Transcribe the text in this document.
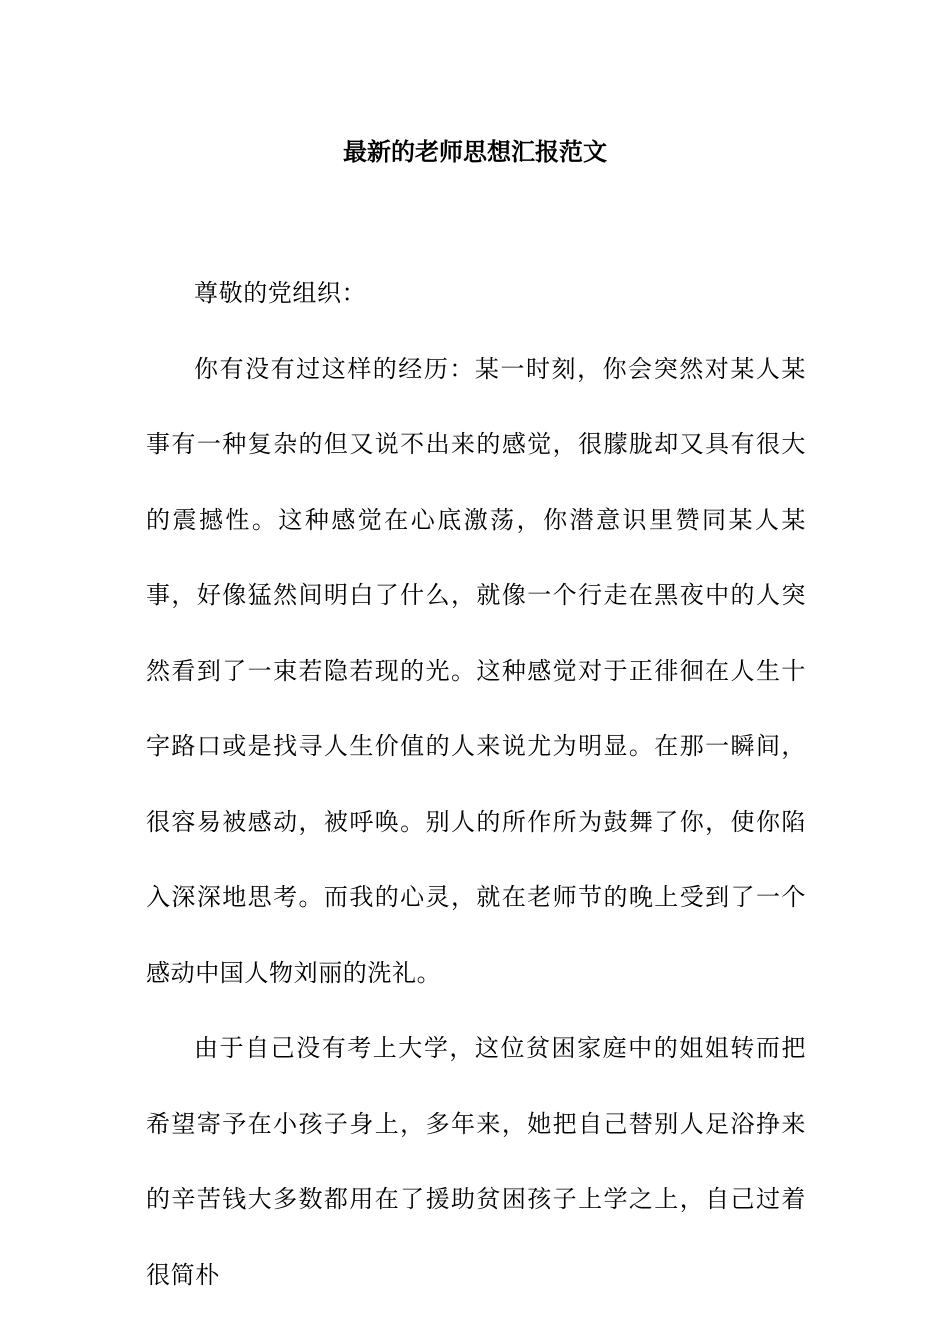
最新的老师思想汇报范文

尊敬的党组织：

你有没有过这样的经历：某一时刻，你会突然对某人某事有一种复杂的但又说不出来的感觉，很朦胧却又具有很大的震撼性。这种感觉在心底激荡，你潜意识里赞同某人某事，好像猛然间明白了什么，就像一个行走在黑夜中的人突然看到了一束若隐若现的光。这种感觉对于正徘徊在人生十字路口或是找寻人生价值的人来说尤为明显。在那一瞬间，很容易被感动，被呼唤。别人的所作所为鼓舞了你，使你陷入深深地思考。而我的心灵，就在老师节的晚上受到了一个感动中国人物刘丽的洗礼。

由于自己没有考上大学，这位贫困家庭中的姐姐转而把希望寄予在小孩子身上，多年来，她把自己替别人足浴挣来的辛苦钱大多数都用在了援助贫困孩子上学之上，自己过着很简朴
